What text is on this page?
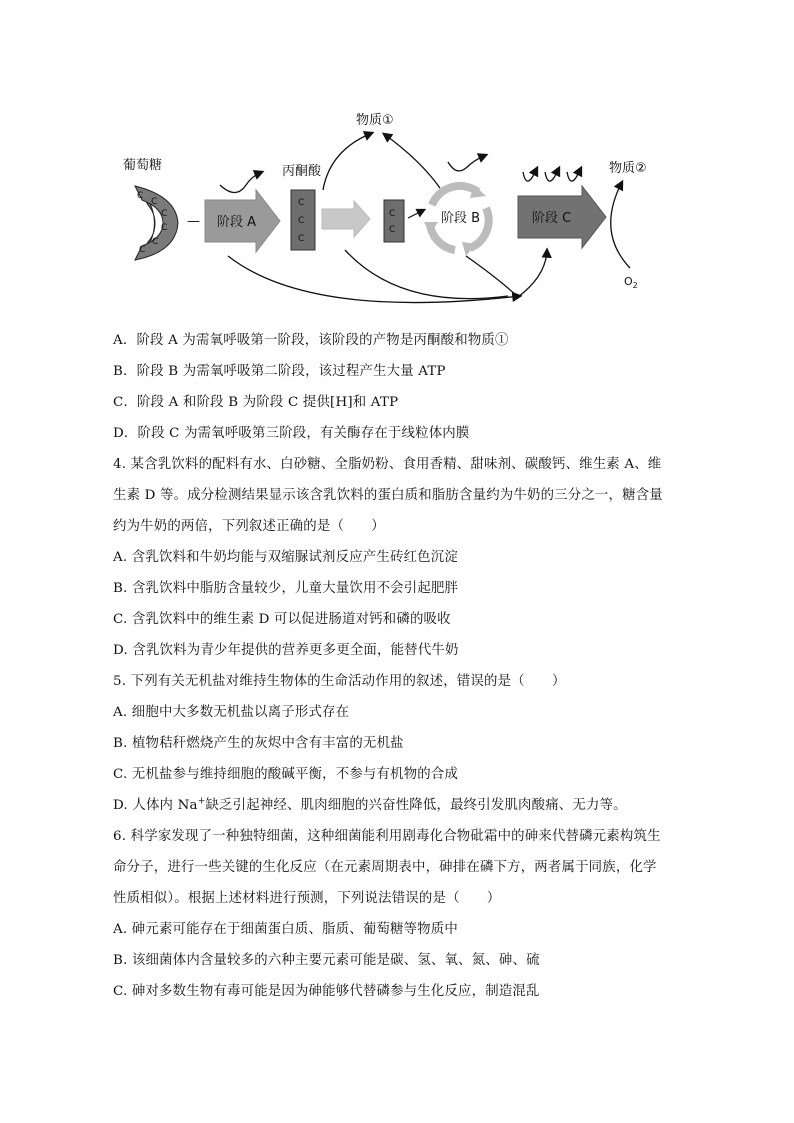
葡萄糖	丙酮酸
物质①
物质②
C
C
C
C
C
C
— 阶段 A
C
C
C
C
C
阶段 B	阶段 C
$O_2$
A．阶段 A 为需氧呼吸第一阶段，该阶段的产物是丙酮酸和物质①
B．阶段 B 为需氧呼吸第二阶段，该过程产生大量 ATP
C．阶段 A 和阶段 B 为阶段 C 提供[H]和 ATP
D．阶段 C 为需氧呼吸第三阶段，有关酶存在于线粒体内膜
4. 某含乳饮料的配料有水、白砂糖、全脂奶粉、食用香精、甜味剂、碳酸钙、维生素 A、维
生素 D 等。成分检测结果显示该含乳饮料的蛋白质和脂肪含量约为牛奶的三分之一，糖含量
约为牛奶的两倍，下列叙述正确的是（　　）
A. 含乳饮料和牛奶均能与双缩脲试剂反应产生砖红色沉淀
B. 含乳饮料中脂肪含量较少，儿童大量饮用不会引起肥胖
C. 含乳饮料中的维生素 D 可以促进肠道对钙和磷的吸收
D. 含乳饮料为青少年提供的营养更多更全面，能替代牛奶
5. 下列有关无机盐对维持生物体的生命活动作用的叙述，错误的是（　　）
A. 细胞中大多数无机盐以离子形式存在
B. 植物秸秆燃烧产生的灰烬中含有丰富的无机盐
C. 无机盐参与维持细胞的酸碱平衡，不参与有机物的合成
D. 人体内 Na+缺乏引起神经、肌肉细胞的兴奋性降低，最终引发肌肉酸痛、无力等。
6. 科学家发现了一种独特细菌，这种细菌能利用剧毒化合物砒霜中的砷来代替磷元素构筑生
命分子，进行一些关键的生化反应（在元素周期表中，砷排在磷下方，两者属于同族，化学
性质相似）。根据上述材料进行预测，下列说法错误的是（　　）
A. 砷元素可能存在于细菌蛋白质、脂质、葡萄糖等物质中
B. 该细菌体内含量较多的六种主要元素可能是碳、氢、氧、氮、砷、硫
C. 砷对多数生物有毒可能是因为砷能够代替磷参与生化反应，制造混乱
